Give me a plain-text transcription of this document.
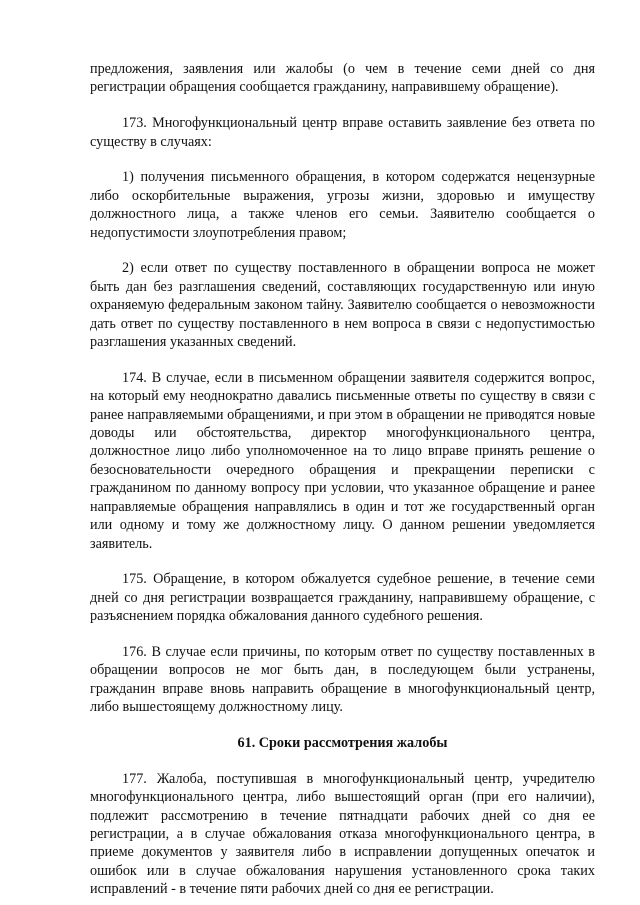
предложения, заявления или жалобы (о чем в течение семи дней со дня регистрации обращения сообщается гражданину, направившему обращение).

173. Многофункциональный центр вправе оставить заявление без ответа по существу в случаях:

1) получения письменного обращения, в котором содержатся нецензурные либо оскорбительные выражения, угрозы жизни, здоровью и имуществу должностного лица, а также членов его семьи. Заявителю сообщается о недопустимости злоупотребления правом;

2) если ответ по существу поставленного в обращении вопроса не может быть дан без разглашения сведений, составляющих государственную или иную охраняемую федеральным законом тайну. Заявителю сообщается о невозможности дать ответ по существу поставленного в нем вопроса в связи с недопустимостью разглашения указанных сведений.

174. В случае, если в письменном обращении заявителя содержится вопрос, на который ему неоднократно давались письменные ответы по существу в связи с ранее направляемыми обращениями, и при этом в обращении не приводятся новые доводы или обстоятельства, директор многофункционального центра, должностное лицо либо уполномоченное на то лицо вправе принять решение о безосновательности очередного обращения и прекращении переписки с гражданином по данному вопросу при условии, что указанное обращение и ранее направляемые обращения направлялись в один и тот же государственный орган или одному и тому же должностному лицу. О данном решении уведомляется заявитель.

175. Обращение, в котором обжалуется судебное решение, в течение семи дней со дня регистрации возвращается гражданину, направившему обращение, с разъяснением порядка обжалования данного судебного решения.

176. В случае если причины, по которым ответ по существу поставленных в обращении вопросов не мог быть дан, в последующем были устранены, гражданин вправе вновь направить обращение в многофункциональный центр, либо вышестоящему должностному лицу.

61. Сроки рассмотрения жалобы

177. Жалоба, поступившая в многофункциональный центр, учредителю многофункционального центра, либо вышестоящий орган (при его наличии), подлежит рассмотрению в течение пятнадцати рабочих дней со дня ее регистрации, а в случае обжалования отказа многофункционального центра, в приеме документов у заявителя либо в исправлении допущенных опечаток и ошибок или в случае обжалования нарушения установленного срока таких исправлений - в течение пяти рабочих дней со дня ее регистрации.
